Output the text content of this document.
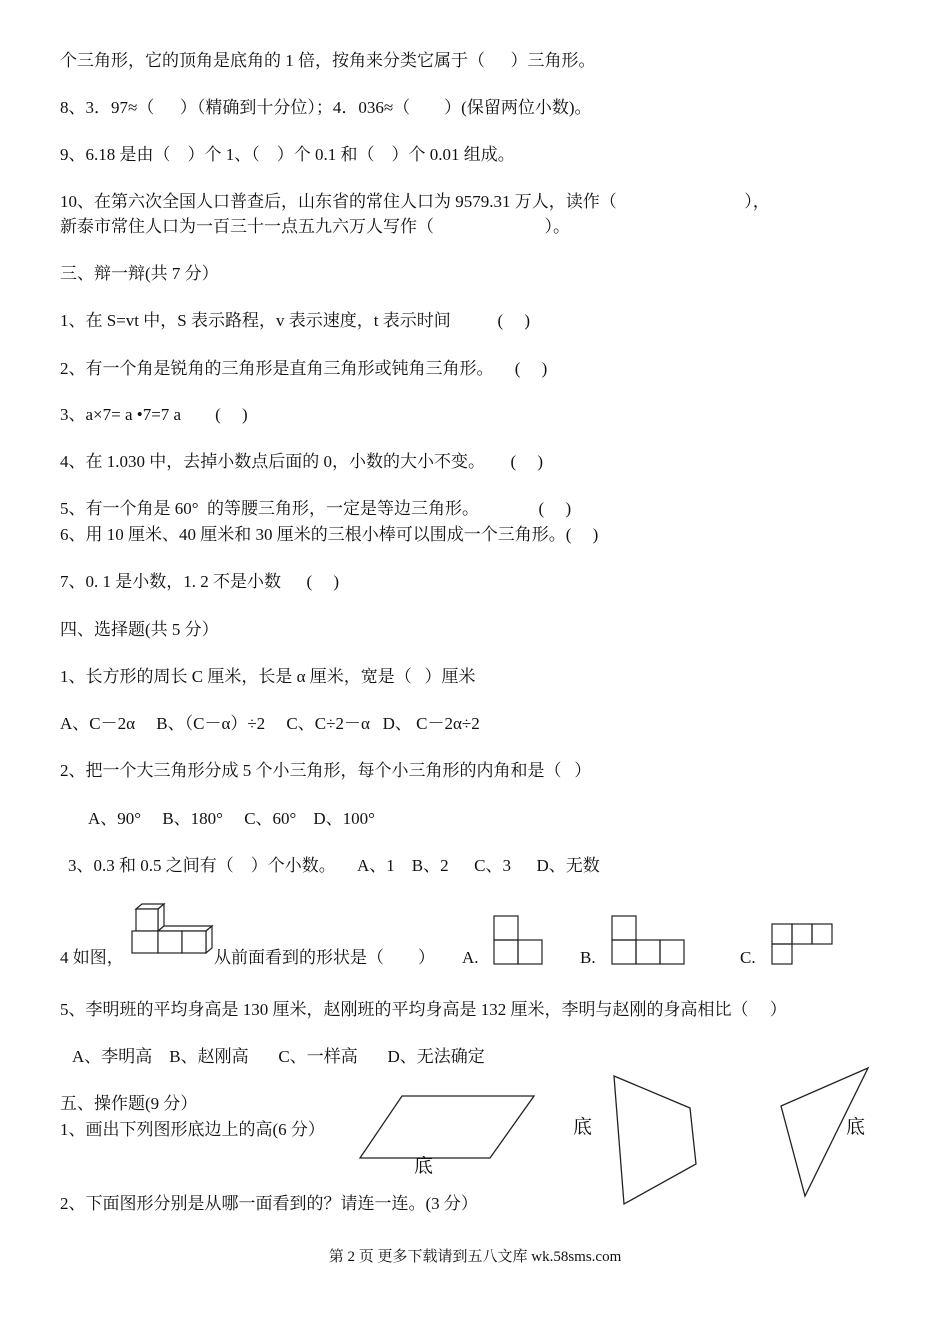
个三角形，它的顶角是底角的 1 倍，按角来分类它属于（      ）三角形。
8、3．97≈（      ）（精确到十分位）；4．036≈（        ）(保留两位小数)。
9、6.18 是由（    ）个 1、（    ）个 0.1 和（    ）个 0.01 组成。
10、在第六次全国人口普查后，山东省的常住人口为 9579.31 万人，读作（                              ），
新泰市常住人口为一百三十一点五九六万人写作（                          ）。
三、辩一辩(共 7 分）
1、在 S=vt 中，S 表示路程，v 表示速度，t 表示时间           (     )
2、有一个角是锐角的三角形是直角三角形或钝角三角形。     (     )
3、a×7= a •7=7 a        (     )
4、在 1.030 中，去掉小数点后面的 0，小数的大小不变。      (     )
5、有一个角是 60°  的等腰三角形，一定是等边三角形。              (     )
6、用 10 厘米、40 厘米和 30 厘米的三根小棒可以围成一个三角形。(     )
7、0. 1 是小数，1. 2 不是小数      (     )
四、选择题(共 5 分）
1、长方形的周长 C 厘米，长是 α 厘米，宽是（   ）厘米
A、C－2α     B、（C－α）÷2     C、C÷2－α   D、 C－2α÷2
2、把一个大三角形分成 5 个小三角形，每个小三角形的内角和是（   ）
A、90°     B、180°     C、60°    D、100°
3、0.3 和 0.5 之间有（    ）个小数。     A、1    B、2      C、3      D、无数
4 如图，	从前面看到的形状是（        ） A.	B.	C.
5、李明班的平均身高是 130 厘米，赵刚班的平均身高是 132 厘米，李明与赵刚的身高相比（     ）
A、李明高    B、赵刚高       C、一样高       D、无法确定
五、操作题(9 分）
1、画出下列图形底边上的高(6 分）
底
底	底
2、下面图形分别是从哪一面看到的？请连一连。(3 分）
第 2 页 更多下载请到五八文库 wk.58sms.com
